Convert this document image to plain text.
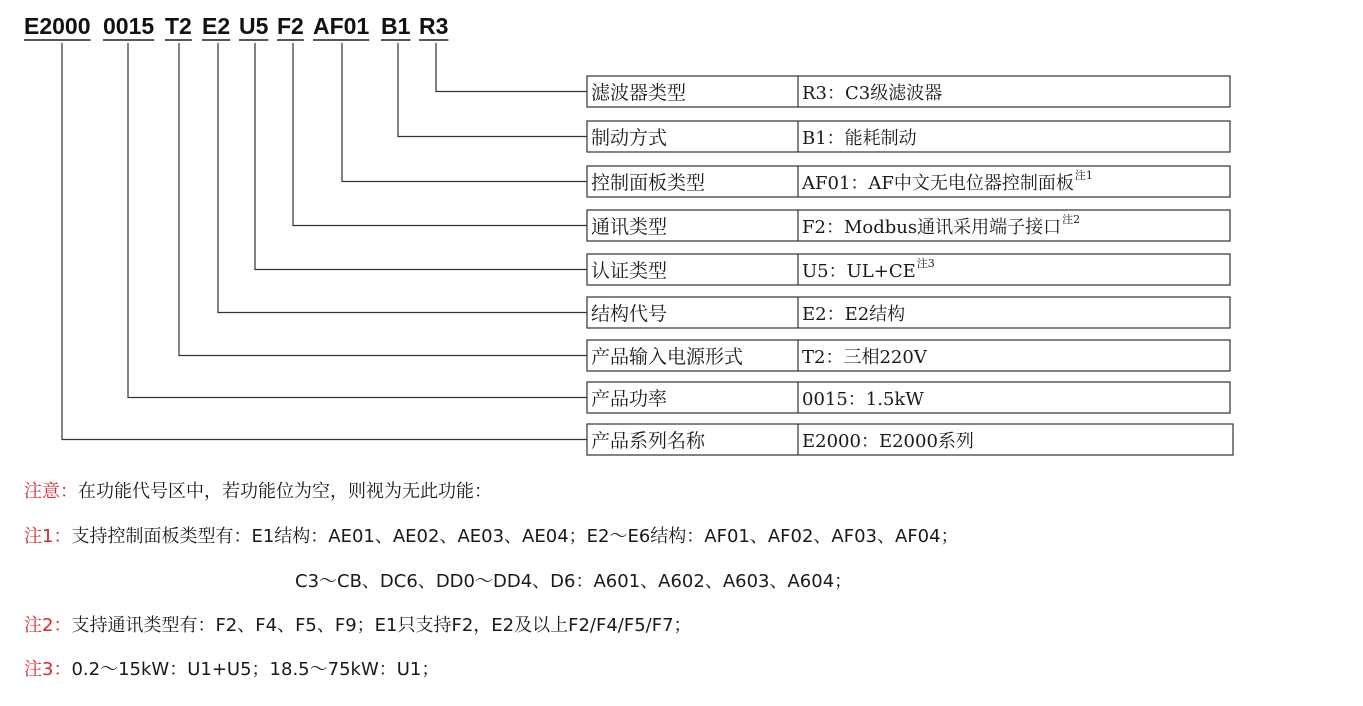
E2000 0015 T2 E2 U5 F2 AF01 B1 R3
滤波器类型	R3：C3级滤波器
制动方式	B1：能耗制动
控制面板类型	AF01：AF中文无电位器控制面板 注1
通讯类型	F2：Modbus通讯采用端子接口 注2
认证类型	U5：UL+CE 注3
结构代号	E2：E2结构
产品输入电源形式	T2：三相220V
产品功率	0015：1.5kW
产品系列名称	E2000：E2000系列
注意：在功能代号区中，若功能位为空，则视为无此功能：
注1：支持控制面板类型有：E1结构：AE01、AE02、AE03、AE04；E2～E6结构：AF01、AF02、AF03、AF04；
C3～CB、DC6、DD0～DD4、D6：A601、A602、A603、A604；
注2：支持通讯类型有：F2、F4、F5、F9；E1只支持F2，E2及以上F2/F4/F5/F7；
注3：0.2～15kW：U1+U5；18.5～75kW：U1；
